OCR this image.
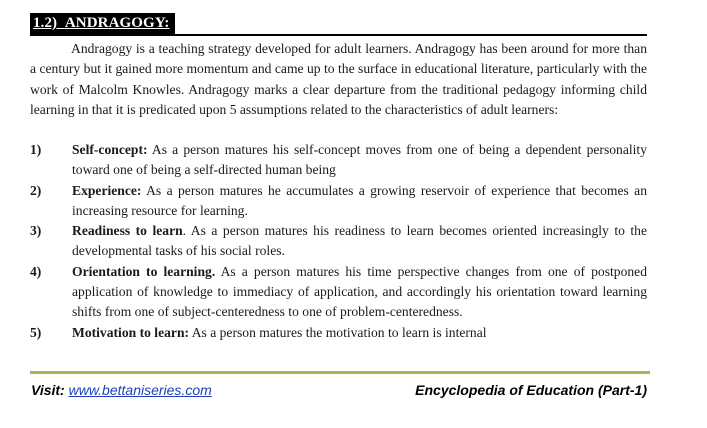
1.2) ANDRAGOGY:

Andragogy is a teaching strategy developed for adult learners. Andragogy has been around for more than a century but it gained more momentum and came up to the surface in educational literature, particularly with the work of Malcolm Knowles. Andragogy marks a clear departure from the traditional pedagogy informing child learning in that it is predicated upon 5 assumptions related to the characteristics of adult learners:

1) Self-concept: As a person matures his self-concept moves from one of being a dependent personality toward one of being a self-directed human being
2) Experience: As a person matures he accumulates a growing reservoir of experience that becomes an increasing resource for learning.
3) Readiness to learn. As a person matures his readiness to learn becomes oriented increasingly to the developmental tasks of his social roles.
4) Orientation to learning. As a person matures his time perspective changes from one of postponed application of knowledge to immediacy of application, and accordingly his orientation toward learning shifts from one of subject-centeredness to one of problem-centeredness.
5) Motivation to learn: As a person matures the motivation to learn is internal
Visit: www.bettaniseries.com	Encyclopedia of Education (Part-1)
